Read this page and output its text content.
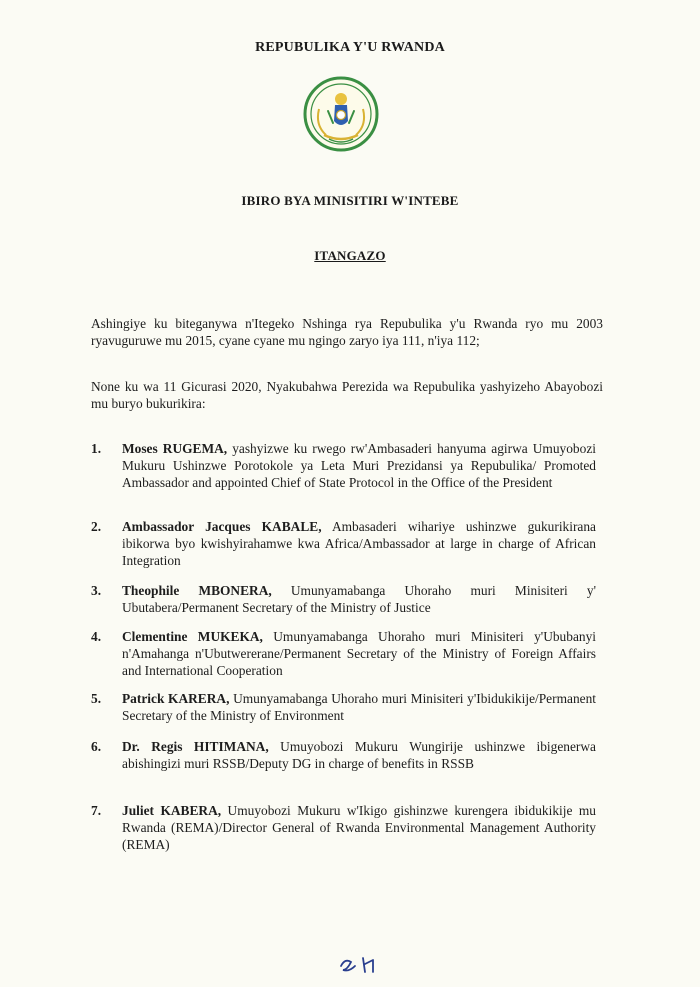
REPUBULIKA Y'U RWANDA
IBIRO BYA MINISITIRI W'INTEBE
ITANGAZO
Ashingiye ku biteganywa n'Itegeko Nshinga rya Repubulika y'u Rwanda ryo mu 2003 ryavuguruwe mu 2015, cyane cyane mu ngingo zaryo iya 111, n'iya 112;
None ku wa 11 Gicurasi 2020, Nyakubahwa Perezida wa Repubulika yashyizeho Abayobozi mu buryo bukurikira:
1. Moses RUGEMA, yashyizwe ku rwego rw'Ambasaderi hanyuma agirwa Umuyobozi Mukuru Ushinzwe Porotokole ya Leta Muri Prezidansi ya Repubulika/ Promoted Ambassador and appointed Chief of State Protocol in the Office of the President
2. Ambassador Jacques KABALE, Ambasaderi wihariye ushinzwe gukurikirana ibikorwa byo kwishyirahamwe kwa Africa/Ambassador at large in charge of African Integration
3. Theophile MBONERA, Umunyamabanga Uhoraho muri Minisiteri y' Ubutabera/Permanent Secretary of the Ministry of Justice
4. Clementine MUKEKA, Umunyamabanga Uhoraho muri Minisiteri y'Ububanyi n'Amahanga n'Ubutwererane/Permanent Secretary of the Ministry of Foreign Affairs and International Cooperation
5. Patrick KARERA, Umunyamabanga Uhoraho muri Minisiteri y'Ibidukikije/Permanent Secretary of the Ministry of Environment
6. Dr. Regis HITIMANA, Umuyobozi Mukuru Wungirije ushinzwe ibigenerwa abishingizi muri RSSB/Deputy DG in charge of benefits in RSSB
7. Juliet KABERA, Umuyobozi Mukuru w'Ikigo gishinzwe kurengera ibidukikije mu Rwanda (REMA)/Director General of Rwanda Environmental Management Authority (REMA)
